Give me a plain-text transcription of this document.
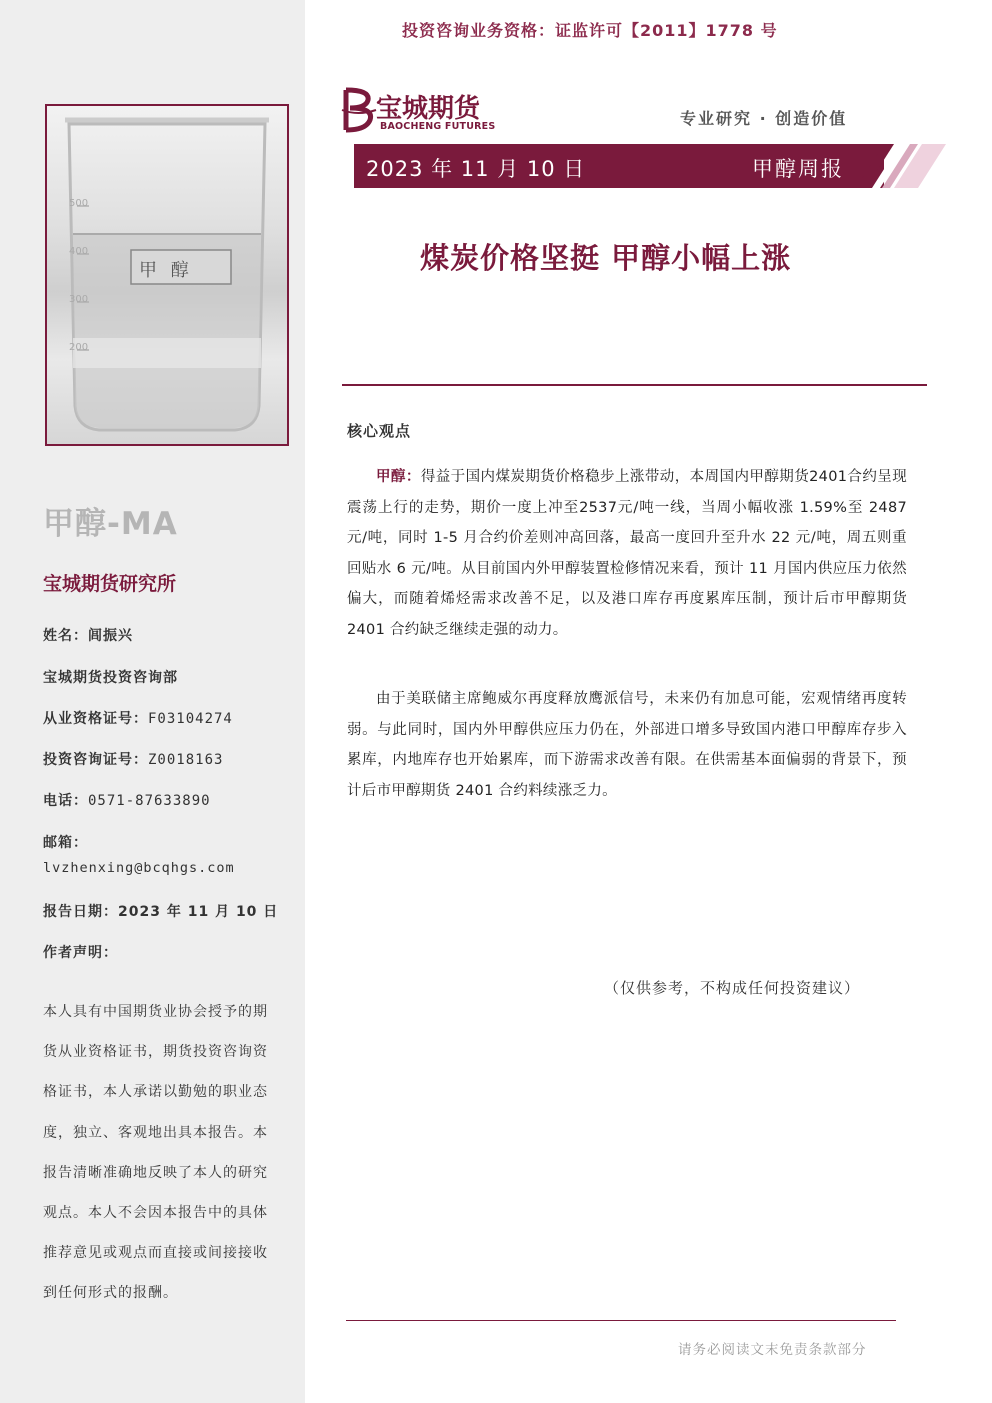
甲 醇
500
400
300
200
甲醇-MA
宝城期货研究所
姓名：闾振兴
宝城期货投资咨询部
从业资格证号：F03104274
投资咨询证号：Z0018163
电话：0571-87633890
邮箱：
lvzhenxing@bcqhgs.com
报告日期：2023 年 11 月 10 日
作者声明：
本人具有中国期货业协会授予的期货从业资格证书，期货投资咨询资格证书，本人承诺以勤勉的职业态度，独立、客观地出具本报告。本报告清晰准确地反映了本人的研究观点。本人不会因本报告中的具体推荐意见或观点而直接或间接接收到任何形式的报酬。
投资咨询业务资格：证监许可【2011】1778 号
宝城期货
BAOCHENG FUTURES	专业研究 · 创造价值
2023 年 11 月 10 日	甲醇周报
煤炭价格坚挺 甲醇小幅上涨
核心观点
甲醇：得益于国内煤炭期货价格稳步上涨带动，本周国内甲醇期货2401合约呈现震荡上行的走势，期价一度上冲至2537元/吨一线，当周小幅收涨 1.59%至 2487 元/吨，同时 1-5 月合约价差则冲高回落，最高一度回升至升水 22 元/吨，周五则重回贴水 6 元/吨。从目前国内外甲醇装置检修情况来看，预计 11 月国内供应压力依然偏大，而随着烯烃需求改善不足，以及港口库存再度累库压制，预计后市甲醇期货 2401 合约缺乏继续走强的动力。
由于美联储主席鲍威尔再度释放鹰派信号，未来仍有加息可能，宏观情绪再度转弱。与此同时，国内外甲醇供应压力仍在，外部进口增多导致国内港口甲醇库存步入累库，内地库存也开始累库，而下游需求改善有限。在供需基本面偏弱的背景下，预计后市甲醇期货 2401 合约料续涨乏力。
（仅供参考，不构成任何投资建议）
请务必阅读文末免责条款部分
